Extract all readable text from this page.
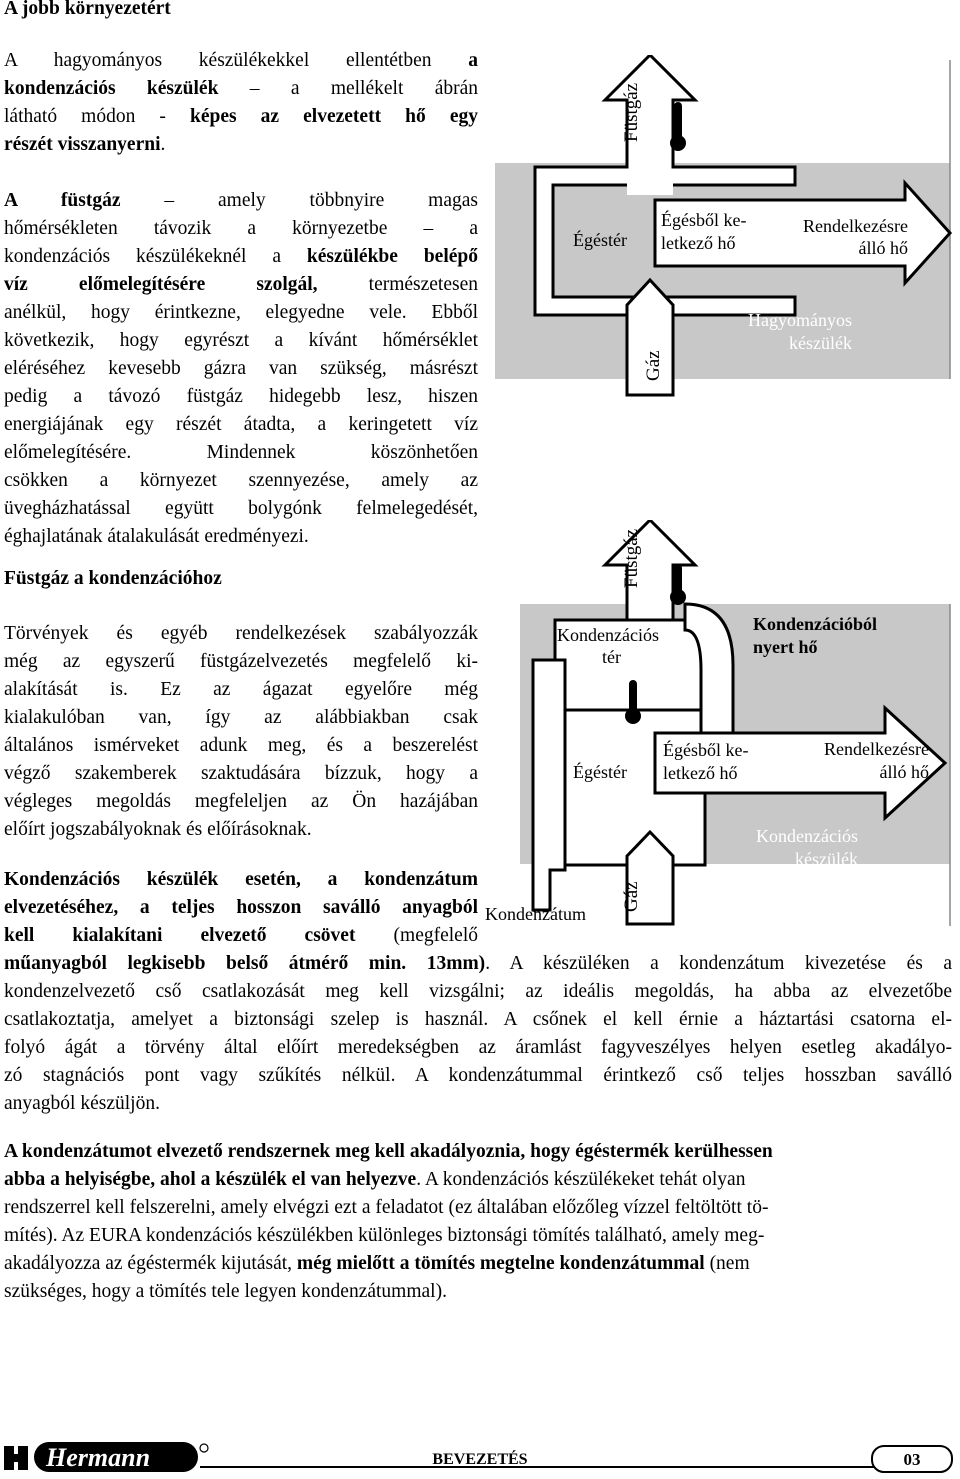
A jobb környezetért
Füstgáz a kondenzációhoz
A hagyományos készülékekkel ellentétben a
kondenzációs készülék – a mellékelt ábrán
látható módon - képes az elvezetett hő egy
részét visszanyerni.
A füstgáz – amely többnyire magas
hőmérsékleten távozik a környezetbe – a
kondenzációs készülékeknél a készülékbe belépő
víz előmelegítésére szolgál, természetesen
anélkül, hogy érintkezne, elegyedne vele. Ebből
következik, hogy egyrészt a kívánt hőmérséklet
eléréséhez kevesebb gázra van szükség, másrészt
pedig a távozó füstgáz hidegebb lesz, hiszen
energiájának egy részét átadta, a keringetett víz
előmelegítésére. Mindennek köszönhetően
csökken a környezet szennyezése, amely az
üvegházhatással együtt bolygónk felmelegedését,
éghajlatának átalakulását eredményezi.
Törvények és egyéb rendelkezések szabályozzák
még az egyszerű füstgázelvezetés megfelelő ki-
alakítását is. Ez az ágazat egyelőre még
kialakulóban van, így az alábbiakban csak
általános ismérveket adunk meg, és a beszerelést
végző szakemberek szaktudására bízzuk, hogy a
végleges megoldás megfeleljen az Ön hazájában
előírt jogszabályoknak és előírásoknak.
Kondenzációs készülék esetén, a kondenzátum
elvezetéséhez, a teljes hosszon saválló anyagból
kell kialakítani elvezető csövet (megfelelő
műanyagból legkisebb belső átmérő min. 13mm). A készüléken a kondenzátum kivezetése és a
kondenzelvezető cső csatlakozását meg kell vizsgálni; az ideális megoldás, ha abba az elvezetőbe
csatlakoztatja, amelyet a biztonsági szelep is használ. A csőnek el kell érnie a háztartási csatorna el-
folyó ágát a törvény által előírt meredekségben az áramlást fagyveszélyes helyen esetleg akadályo-
zó stagnációs pont vagy szűkítés nélkül. A kondenzátummal érintkező cső teljes hosszban saválló
anyagból készüljön.
A kondenzátumot elvezető rendszernek meg kell akadályoznia, hogy égéstermék kerülhessen
abba a helyiségbe, ahol a készülék el van helyezve. A kondenzációs készülékeket tehát olyan
rendszerrel kell felszerelni, amely elvégzi ezt a feladatot (ez általában előzőleg vízzel feltöltött tö-
mítés). Az EURA kondenzációs készülékben különleges biztonsági tömítés található, amely meg-
akadályozza az égéstermék kijutását, még mielőtt a tömítés megtelne kondenzátummal (nem
szükséges, hogy a tömítés tele legyen kondenzátummal).
Füstgáz
Égéstér
Égésből ke-
letkező hő
Rendelkezésre
álló hő
Gáz
Hagyományos
készülék
Füstgáz
Kondenzációs
tér
Kondenzációból
nyert hő
Égéstér
Égésből ke-
letkező hő
Rendelkezésre
álló hő
Kondenzációs
készülék
Gáz
Kondenzátum
Hermann	BEVEZETÉS	03
